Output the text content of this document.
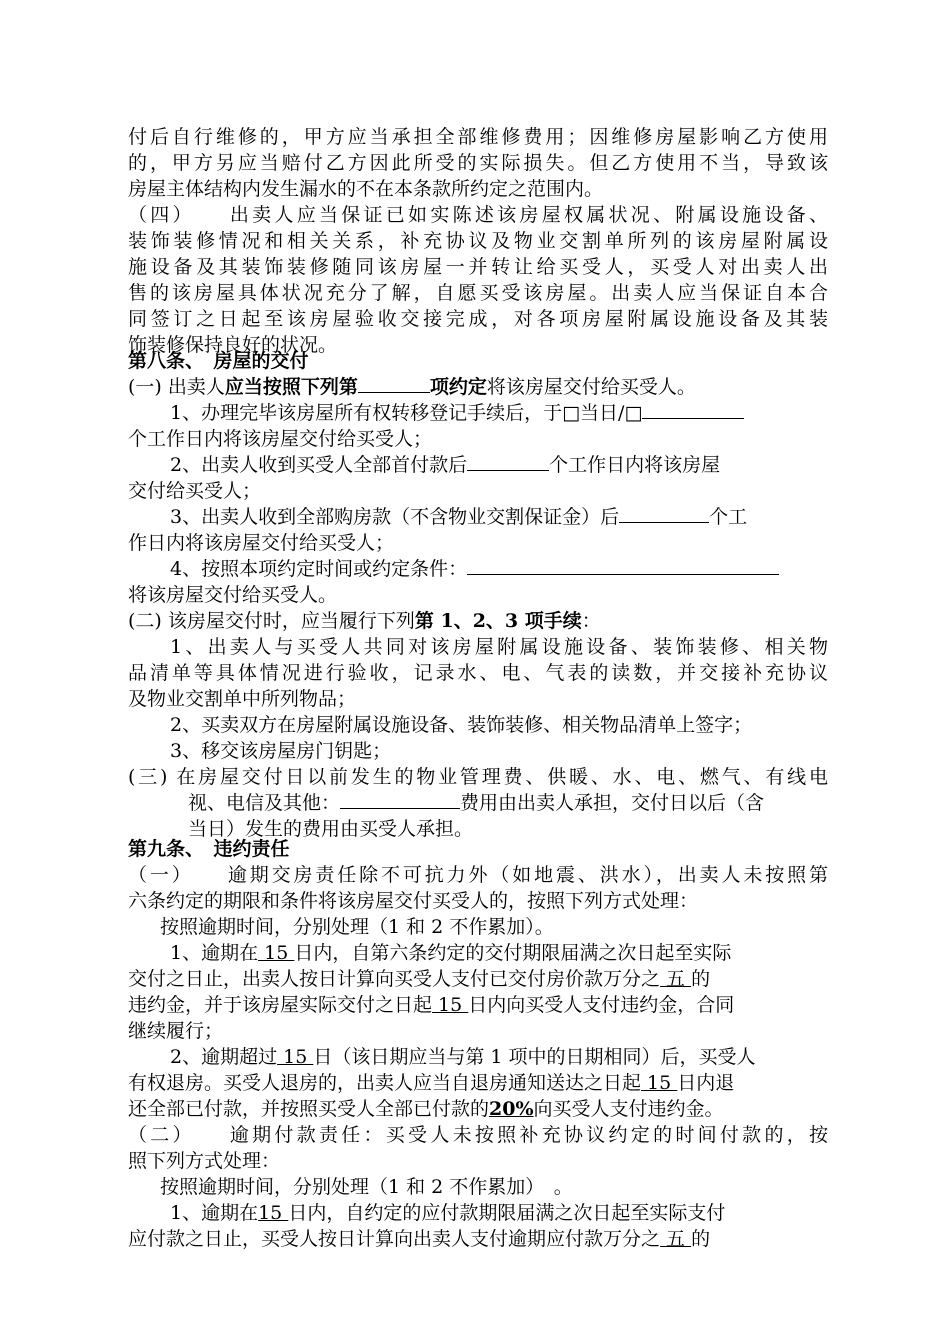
付后自行维修的，甲方应当承担全部维修费用；因维修房屋影响乙方使用
的，甲方另应当赔付乙方因此所受的实际损失。但乙方使用不当，导致该
房屋主体结构内发生漏水的不在本条款所约定之范围内。
（四）　　出卖人应当保证已如实陈述该房屋权属状况、附属设施设备、
装饰装修情况和相关关系，补充协议及物业交割单所列的该房屋附属设
施设备及其装饰装修随同该房屋一并转让给买受人，买受人对出卖人出
售的该房屋具体状况充分了解，自愿买受该房屋。出卖人应当保证自本合
同签订之日起至该房屋验收交接完成，对各项房屋附属设施设备及其装
饰装修保持良好的状况。
第八条、　房屋的交付
(一) 出卖人应当按照下列第	项约定将该房屋交付给买受人。
1、办理完毕该房屋所有权转移登记手续后，于□当日/□
个工作日内将该房屋交付给买受人；
2、出卖人收到买受人全部首付款后	个工作日内将该房屋
交付给买受人；
3、出卖人收到全部购房款（不含物业交割保证金）后	个工
作日内将该房屋交付给买受人；
4、按照本项约定时间或约定条件：
将该房屋交付给买受人。
(二) 该房屋交付时，应当履行下列第 1、2、3 项手续：
1、出卖人与买受人共同对该房屋附属设施设备、装饰装修、相关物
品清单等具体情况进行验收，记录水、电、气表的读数，并交接补充协议
及物业交割单中所列物品；
2、买卖双方在房屋附属设施设备、装饰装修、相关物品清单上签字；
3、移交该房屋房门钥匙；
(三) 在房屋交付日以前发生的物业管理费、供暖、水、电、燃气、有线电
视、电信及其他：	费用由出卖人承担，交付日以后（含
当日）发生的费用由买受人承担。
第九条、　违约责任
（一）　　逾期交房责任除不可抗力外（如地震、洪水），出卖人未按照第
六条约定的期限和条件将该房屋交付买受人的，按照下列方式处理：
按照逾期时间，分别处理（1 和 2 不作累加）。
1、逾期在 15 日内，自第六条约定的交付期限届满之次日起至实际
交付之日止，出卖人按日计算向买受人支付已交付房价款万分之 五 的
违约金，并于该房屋实际交付之日起 15 日内向买受人支付违约金，合同
继续履行；
2、逾期超过 15 日（该日期应当与第 1 项中的日期相同）后，买受人
有权退房。买受人退房的，出卖人应当自退房通知送达之日起 15 日内退
还全部已付款，并按照买受人全部已付款的20%向买受人支付违约金。
（二）　　逾期付款责任：买受人未按照补充协议约定的时间付款的，按
照下列方式处理：
按照逾期时间，分别处理（1 和 2 不作累加）　。
1、逾期在15 日内，自约定的应付款期限届满之次日起至实际支付
应付款之日止，买受人按日计算向出卖人支付逾期应付款万分之 五 的
